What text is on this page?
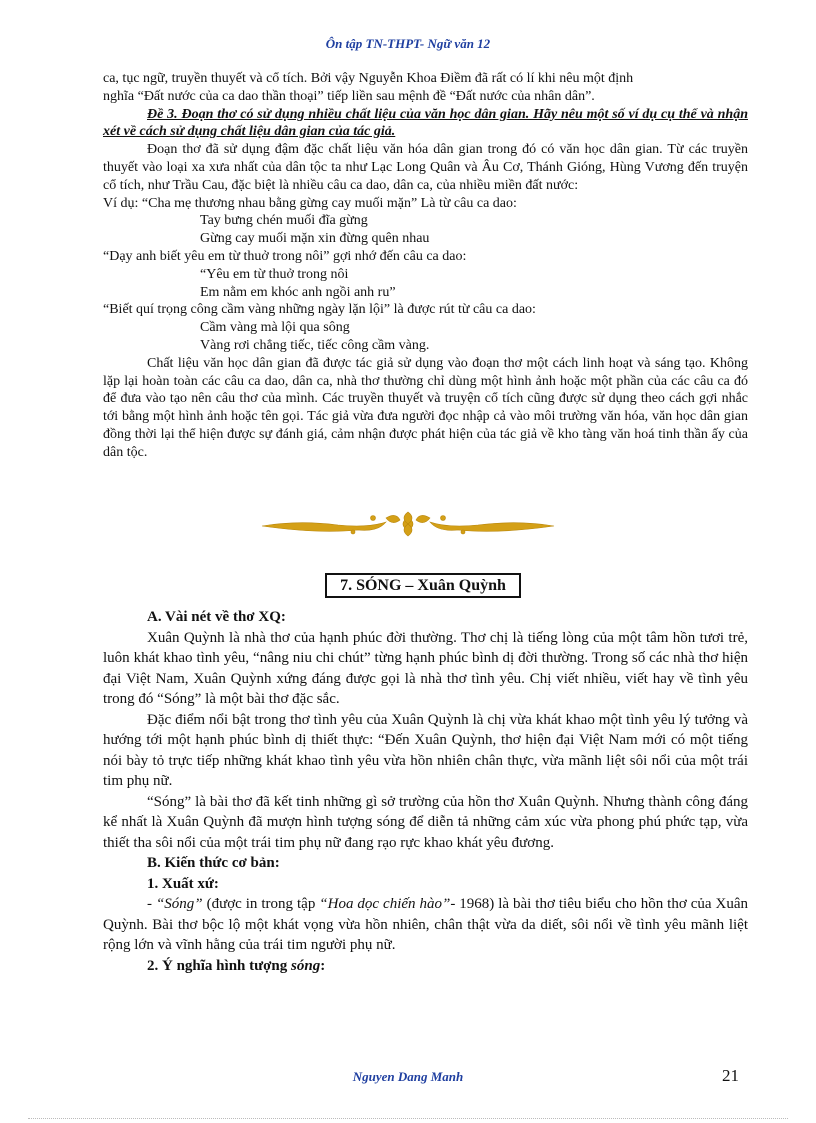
Ôn tập TN-THPT- Ngữ văn 12

ca, tục ngữ, truyền thuyết và cổ tích. Bởi vậy Nguyễn Khoa Điềm đã rất có lí khi nêu một định

nghĩa “Đất nước của ca dao thần thoại” tiếp liền sau mệnh đề “Đất nước của nhân dân”.

Đề 3. Đoạn thơ có sử dụng nhiều chất liệu của văn học dân gian. Hãy nêu một số ví dụ cụ thể và nhận xét về cách sử dụng chất liệu dân gian của tác giả.

Đoạn thơ đã sử dụng đậm đặc chất liệu văn hóa dân gian trong đó có văn học dân gian. Từ các truyền thuyết vào loại xa xưa nhất của dân tộc ta như Lạc Long Quân và Âu Cơ, Thánh Gióng, Hùng Vương đến truyện cổ tích, như Trầu Cau, đặc biệt là nhiều câu ca dao, dân ca, của nhiều miền đất nước:

Ví dụ: “Cha mẹ thương nhau bằng gừng cay muối mặn” Là từ câu ca dao:

Tay bưng chén muối đĩa gừng

Gừng cay muối mặn xin đừng quên nhau

“Dạy anh biết yêu em từ thuở trong nôi” gợi nhớ đến câu ca dao:

“Yêu em từ thuở trong nôi

Em nằm em khóc anh ngồi anh ru”

“Biết quí trọng công cầm vàng những ngày lặn lội” là được rút từ câu ca dao:

Cầm vàng mà lội qua sông

Vàng rơi chẳng tiếc, tiếc công cầm vàng.

Chất liệu văn học dân gian đã được tác giả sử dụng vào đoạn thơ một cách linh hoạt và sáng tạo. Không lặp lại hoàn toàn các câu ca dao, dân ca, nhà thơ thường chỉ dùng một hình ảnh hoặc một phần của các câu ca đó để đưa vào tạo nên câu thơ của mình. Các truyền thuyết và truyện cổ tích cũng được sử dụng theo cách gợi nhắc tới bằng một hình ảnh hoặc tên gọi. Tác giả vừa đưa người đọc nhập cả vào môi trường văn hóa, văn học dân gian đồng thời lại thể hiện được sự đánh giá, cảm nhận được phát hiện của tác giả về kho tàng văn hoá tinh thần ấy của dân tộc.

7. SÓNG – Xuân Quỳnh

A. Vài nét về thơ XQ:

Xuân Quỳnh là nhà thơ của hạnh phúc đời thường. Thơ chị là tiếng lòng của một tâm hồn tươi trẻ, luôn khát khao tình yêu, “nâng niu chi chút” từng hạnh phúc bình dị đời thường. Trong số các nhà thơ hiện đại Việt Nam, Xuân Quỳnh xứng đáng được gọi là nhà thơ tình yêu. Chị viết nhiều, viết hay về tình yêu trong đó “Sóng” là một bài thơ đặc sắc.

Đặc điểm nổi bật trong thơ tình yêu của Xuân Quỳnh là chị vừa khát khao một tình yêu lý tưởng và hướng tới một hạnh phúc bình dị thiết thực: “Đến Xuân Quỳnh, thơ hiện đại Việt Nam mới có một tiếng nói bày tỏ trực tiếp những khát khao tình yêu vừa hồn nhiên chân thực, vừa mãnh liệt sôi nổi của một trái tim phụ nữ.

“Sóng” là bài thơ đã kết tinh những gì sở trường của hồn thơ Xuân Quỳnh. Nhưng thành công đáng kể nhất là Xuân Quỳnh đã mượn hình tượng sóng để diễn tả những cảm xúc vừa phong phú phức tạp, vừa thiết tha sôi nổi của một trái tim phụ nữ đang rạo rực khao khát yêu đương.

B. Kiến thức cơ bản:

1. Xuất xứ:

- “Sóng” (được in trong tập “Hoa dọc chiến hào”- 1968) là bài thơ tiêu biểu cho hồn thơ của Xuân Quỳnh. Bài thơ bộc lộ một khát vọng vừa hồn nhiên, chân thật vừa da diết, sôi nổi về tình yêu mãnh liệt rộng lớn và vĩnh hằng của trái tim người phụ nữ.

2. Ý nghĩa hình tượng sóng:

Nguyen Dang Manh	21
